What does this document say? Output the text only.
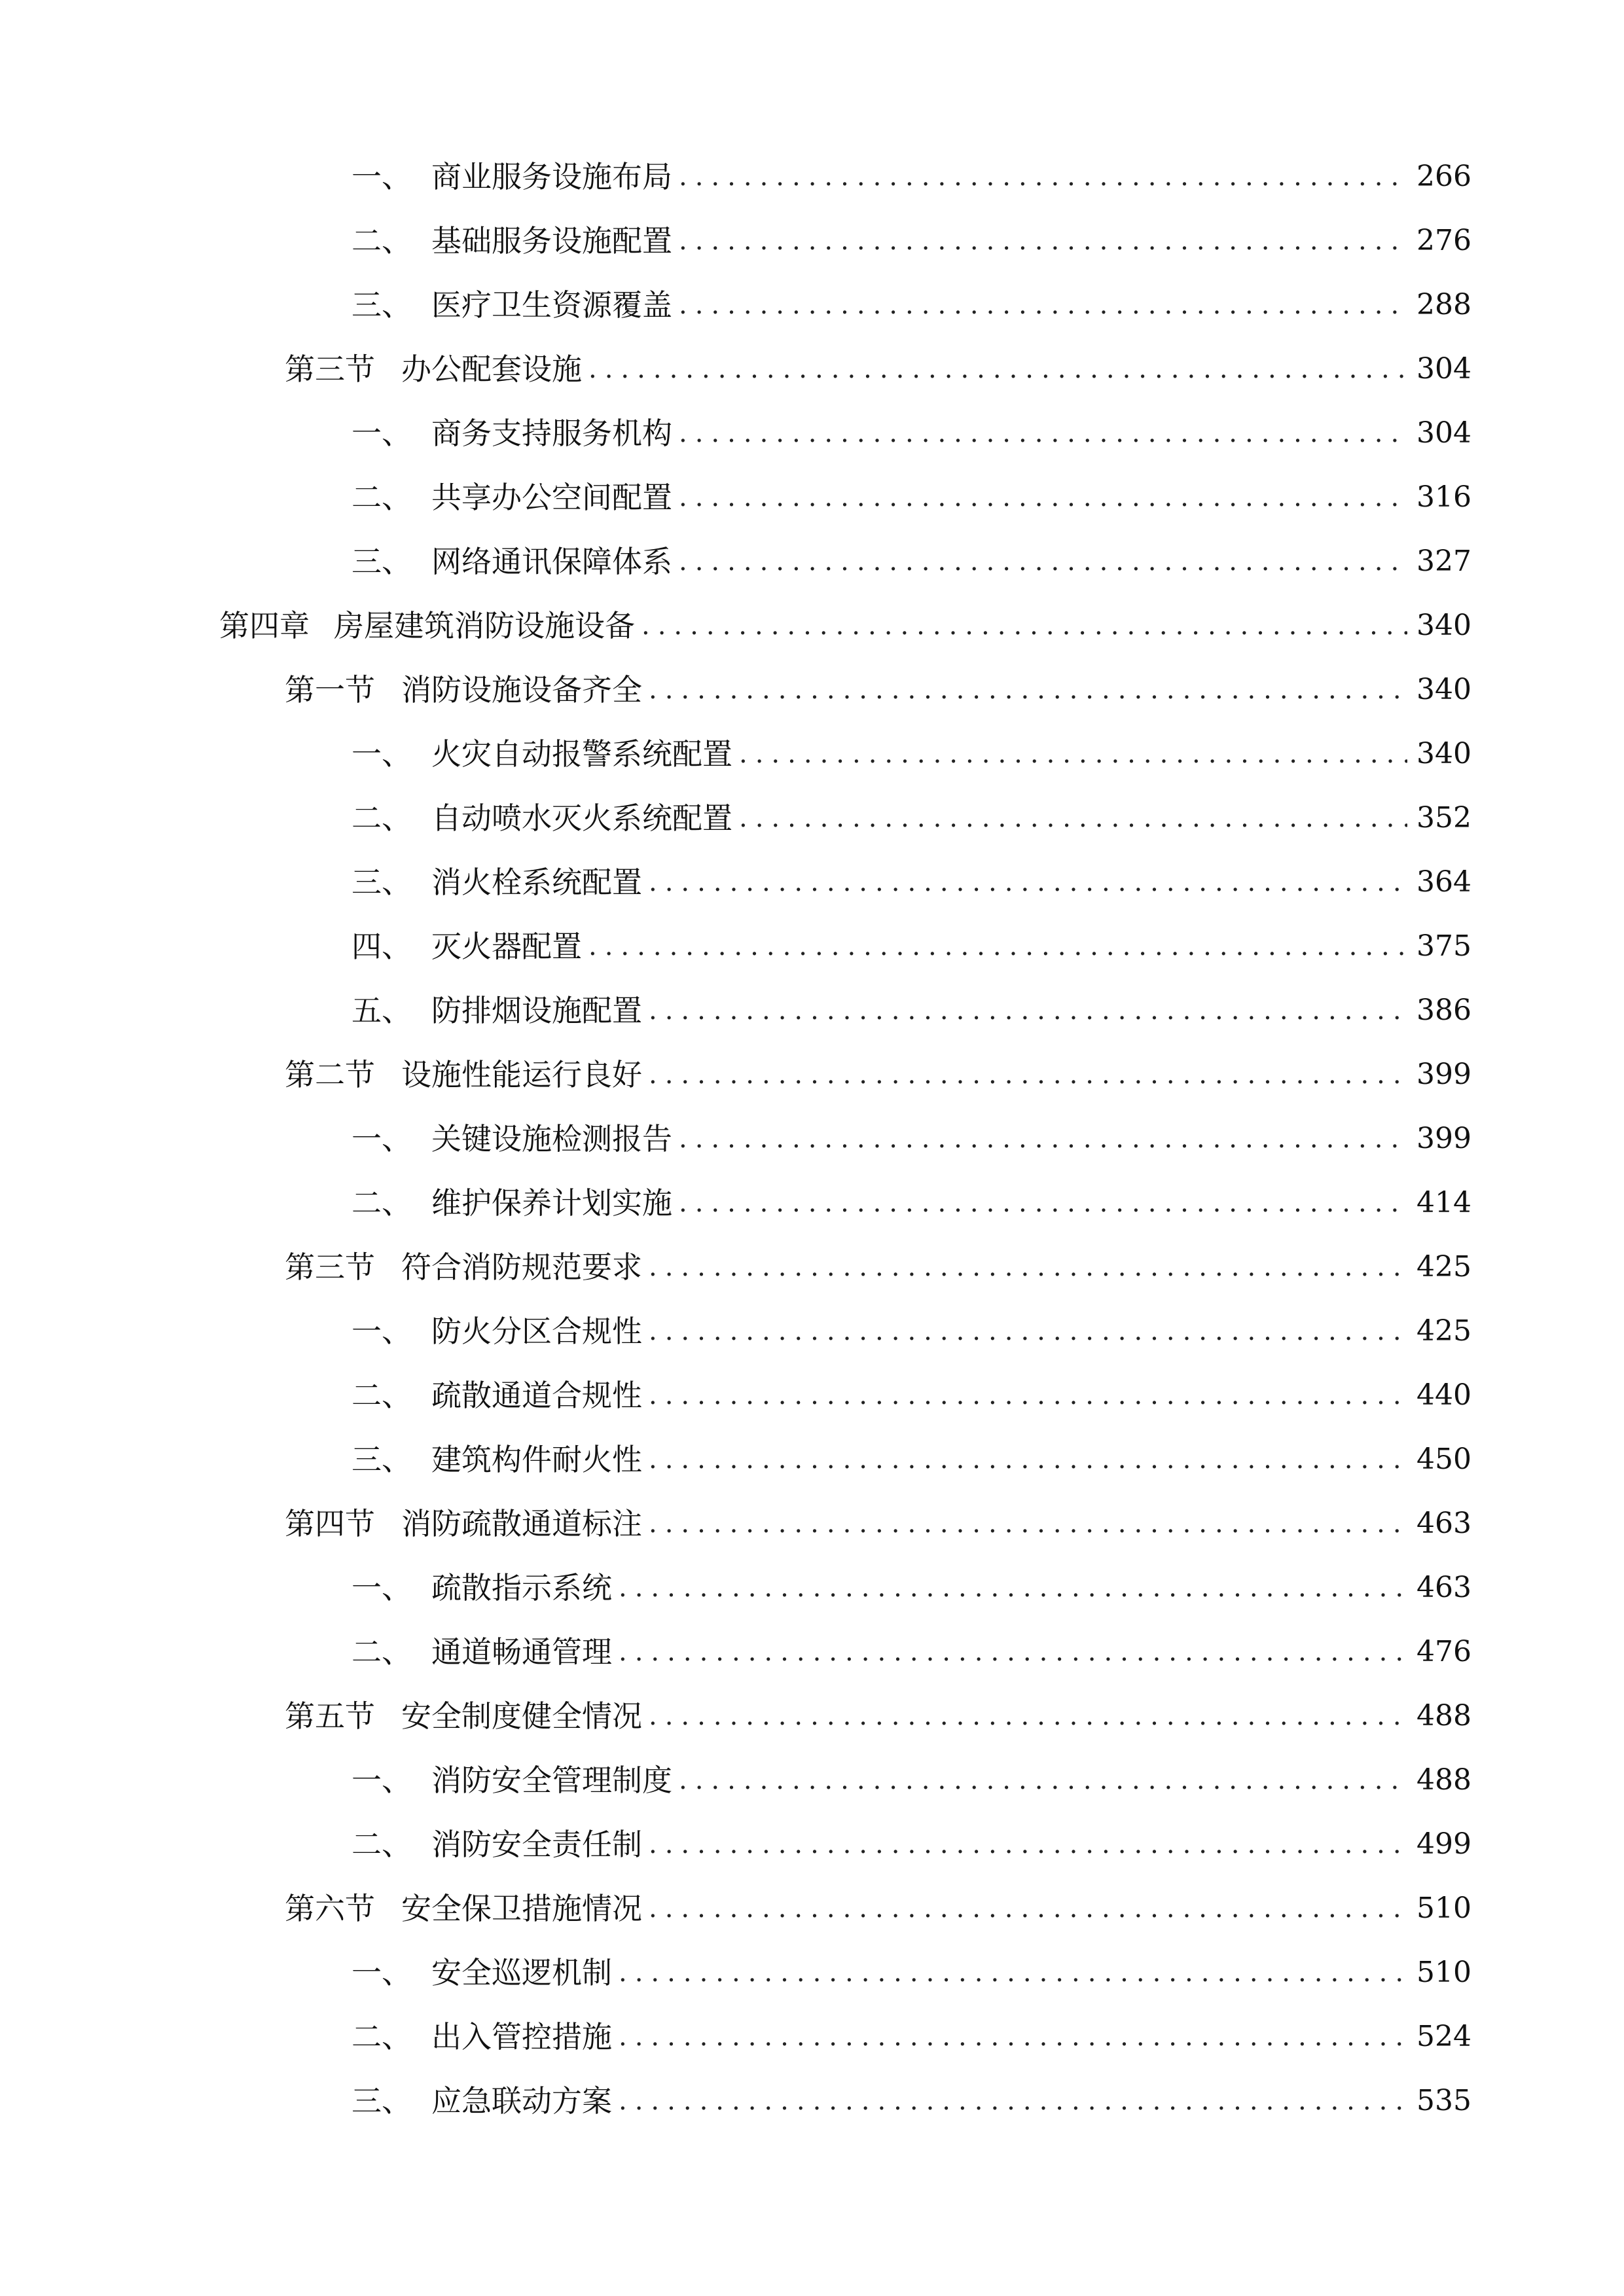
一、 商业服务设施布局 .....	266
二、 基础服务设施配置 .....	276
三、 医疗卫生资源覆盖 .....	288
第三节 办公配套设施 .....	304
一、 商务支持服务机构 .....	304
二、 共享办公空间配置 .....	316
三、 网络通讯保障体系 .....	327
第四章 房屋建筑消防设施设备 .....	340
第一节 消防设施设备齐全 .....	340
一、 火灾自动报警系统配置 .....	340
二、 自动喷水灭火系统配置 .....	352
三、 消火栓系统配置 .....	364
四、 灭火器配置 .....	375
五、 防排烟设施配置 .....	386
第二节 设施性能运行良好 .....	399
一、 关键设施检测报告 .....	399
二、 维护保养计划实施 .....	414
第三节 符合消防规范要求 .....	425
一、 防火分区合规性 .....	425
二、 疏散通道合规性 .....	440
三、 建筑构件耐火性 .....	450
第四节 消防疏散通道标注 .....	463
一、 疏散指示系统 .....	463
二、 通道畅通管理 .....	476
第五节 安全制度健全情况 .....	488
一、 消防安全管理制度 .....	488
二、 消防安全责任制 .....	499
第六节 安全保卫措施情况 .....	510
一、 安全巡逻机制 .....	510
二、 出入管控措施 .....	524
三、 应急联动方案 .....	535
